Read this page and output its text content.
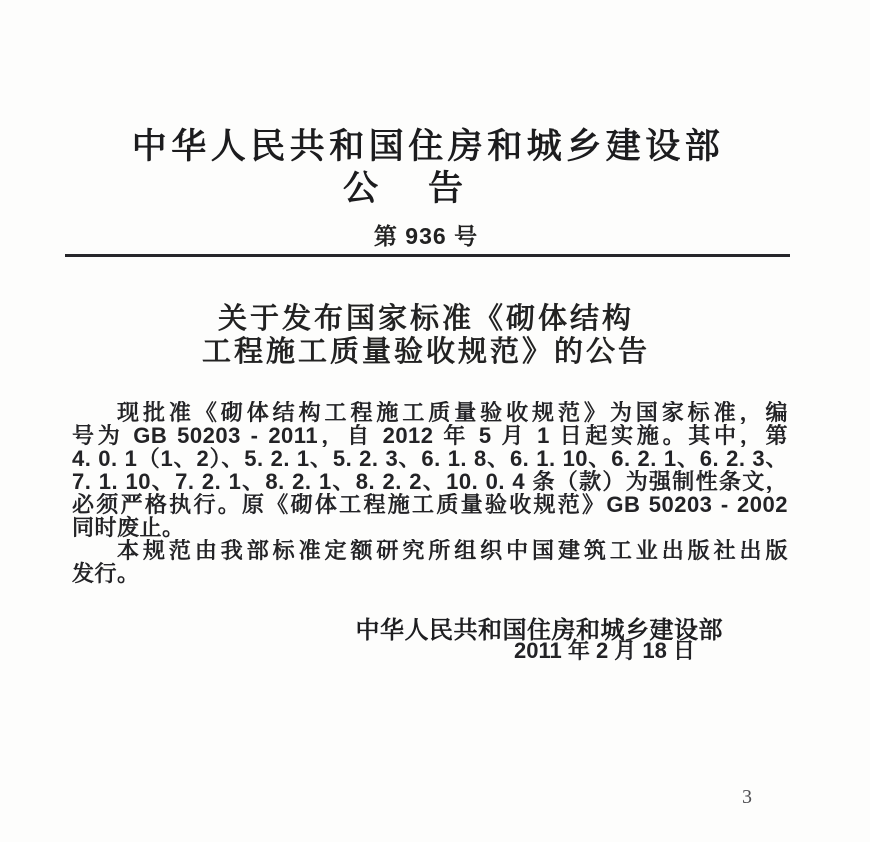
中华人民共和国住房和城乡建设部
公 告
第 936 号
关于发布国家标准《砌体结构
工程施工质量验收规范》的公告
现批准《砌体结构工程施工质量验收规范》为国家标准，编
号为 GB 50203 - 2011，自 2012 年 5 月 1 日起实施。其中，第
4. 0. 1（1、2）、5. 2. 1、5. 2. 3、6. 1. 8、6. 1. 10、6. 2. 1、6. 2. 3、
7. 1. 10、7. 2. 1、8. 2. 1、8. 2. 2、10. 0. 4 条（款）为强制性条文，
必须严格执行。原《砌体工程施工质量验收规范》GB 50203 - 2002
同时废止。
本规范由我部标准定额研究所组织中国建筑工业出版社出版
发行。
中华人民共和国住房和城乡建设部
2011 年 2 月 18 日
3
